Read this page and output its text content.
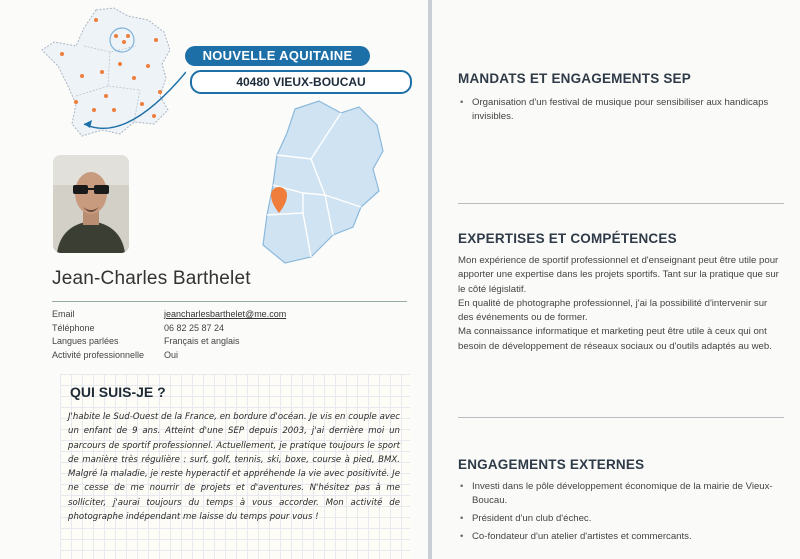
NOUVELLE AQUITAINE
40480 VIEUX-BOUCAU
Jean-Charles Barthelet
Email	jeancharlesbarthelet@me.com
Téléphone	06 82 25 87 24
Langues parlées	Français et anglais
Activité professionnelle	Oui
QUI SUIS-JE ?

J'habite le Sud-Ouest de la France, en bordure d'océan. Je vis en couple avec un enfant de 9 ans. Atteint d'une SEP depuis 2003, j'ai derrière moi un parcours de sportif professionnel. Actuellement, je pratique toujours le sport de manière très régulière : surf, golf, tennis, ski, boxe, course à pied, BMX. Malgré la maladie, je reste hyperactif et appréhende la vie avec positivité. Je ne cesse de me nourrir de projets et d'aventures. N'hésitez pas à me solliciter, j'aurai toujours du temps à vous accorder. Mon activité de photographe indépendant me laisse du temps pour vous !

MANDATS ET ENGAGEMENTS SEP
• Organisation d'un festival de musique pour sensibiliser aux handicaps invisibles.
EXPERTISES ET COMPÉTENCES
Mon expérience de sportif professionnel et d'enseignant peut être utile pour apporter une expertise dans les projets sportifs. Tant sur la pratique que sur le côté législatif.
En qualité de photographe professionnel, j'ai la possibilité d'intervenir sur des événements ou de former.
Ma connaissance informatique et marketing peut être utile à ceux qui ont besoin de développement de réseaux sociaux ou d'outils adaptés au web.
ENGAGEMENTS EXTERNES
• Investi dans le pôle développement économique de la mairie de Vieux-Boucau.
• Président d'un club d'échec.
• Co-fondateur d'un atelier d'artistes et commercants.
